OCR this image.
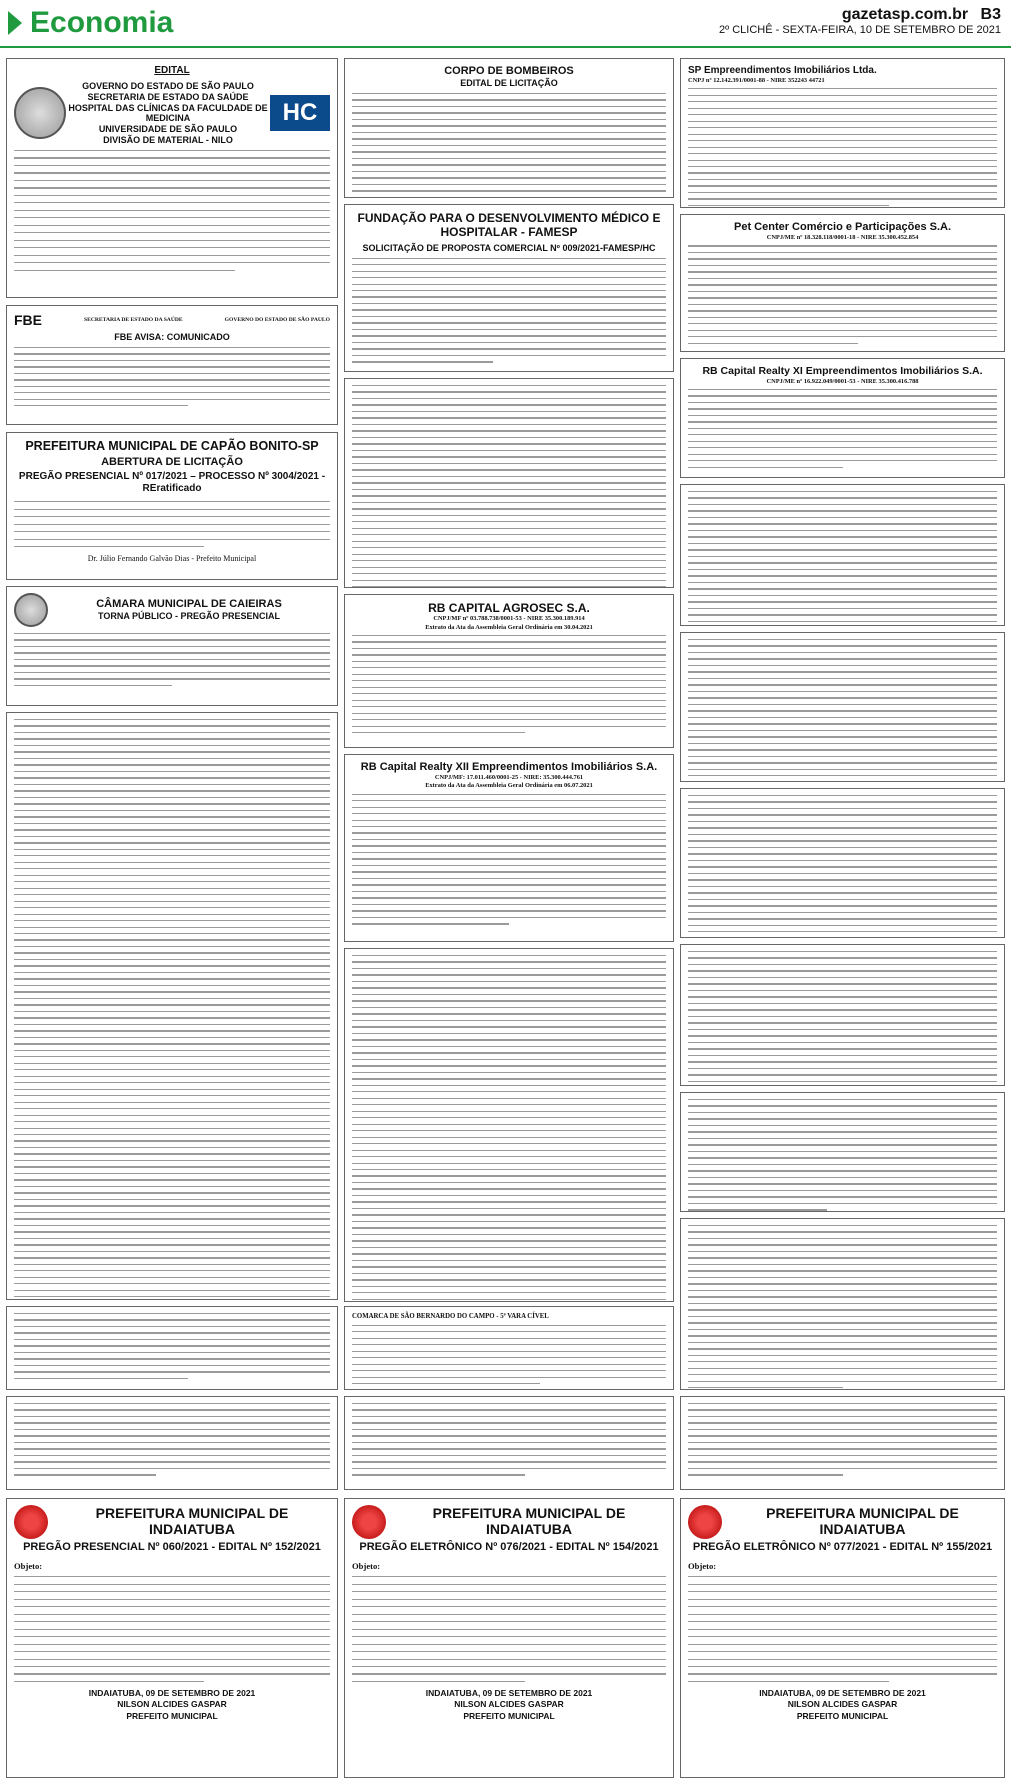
Economia	gazetasp.com.br B3
2º CLICHÊ - SEXTA-FEIRA, 10 DE SETEMBRO DE 2021
EDITAL
GOVERNO DO ESTADO DE SÃO PAULO
SECRETARIA DE ESTADO DA SAÚDE
HOSPITAL DAS CLÍNICAS DA FACULDADE DE MEDICINA
UNIVERSIDADE DE SÃO PAULO
DIVISÃO DE MATERIAL - NILO
HC
FBE	SECRETARIA DE ESTADO DA SAÚDE	GOVERNO DO ESTADO DE SÃO PAULO
FBE AVISA: COMUNICADO
PREFEITURA MUNICIPAL DE CAPÃO BONITO-SP
ABERTURA DE LICITAÇÃO
PREGÃO PRESENCIAL Nº 017/2021 – PROCESSO Nº 3004/2021 - REratificado

Dr. Júlio Fernando Galvão Dias - Prefeito Municipal

CÂMARA MUNICIPAL DE CAIEIRAS
TORNA PÚBLICO - PREGÃO PRESENCIAL
CORPO DE BOMBEIROS
EDITAL DE LICITAÇÃO
FUNDAÇÃO PARA O DESENVOLVIMENTO MÉDICO E HOSPITALAR - FAMESP
SOLICITAÇÃO DE PROPOSTA COMERCIAL Nº 009/2021-FAMESP/HC
RB CAPITAL AGROSEC S.A.

CNPJ/MF nº 03.788.738/0001-53 - NIRE 35.300.189.914

Extrato da Ata da Assembleia Geral Ordinária em 30.04.2021

RB Capital Realty XII Empreendimentos Imobiliários S.A.

CNPJ/MF: 17.011.460/0001-25 - NIRE: 35.300.444.761

Extrato da Ata da Assembleia Geral Ordinária em 06.07.2021

SP Empreendimentos Imobiliários Ltda.

CNPJ nº 12.142.391/0001-88 - NIRE 352243 44721

Pet Center Comércio e Participações S.A.

CNPJ/ME nº 18.328.118/0001-18 - NIRE 35.300.452.854

RB Capital Realty XI Empreendimentos Imobiliários S.A.

CNPJ/ME nº 16.922.049/0001-53 - NIRE 35.300.416.788

COMARCA DE SÃO BERNARDO DO CAMPO - 5ª VARA CÍVEL

PREFEITURA MUNICIPAL DE INDAIATUBA
PREGÃO PRESENCIAL Nº 060/2021 - EDITAL Nº 152/2021

Objeto:

INDAIATUBA, 09 DE SETEMBRO DE 2021
NILSON ALCIDES GASPAR
PREFEITO MUNICIPAL
PREFEITURA MUNICIPAL DE INDAIATUBA
PREGÃO ELETRÔNICO Nº 076/2021 - EDITAL Nº 154/2021

Objeto:

INDAIATUBA, 09 DE SETEMBRO DE 2021
NILSON ALCIDES GASPAR
PREFEITO MUNICIPAL
PREFEITURA MUNICIPAL DE INDAIATUBA
PREGÃO ELETRÔNICO Nº 077/2021 - EDITAL Nº 155/2021

Objeto:

INDAIATUBA, 09 DE SETEMBRO DE 2021
NILSON ALCIDES GASPAR
PREFEITO MUNICIPAL
